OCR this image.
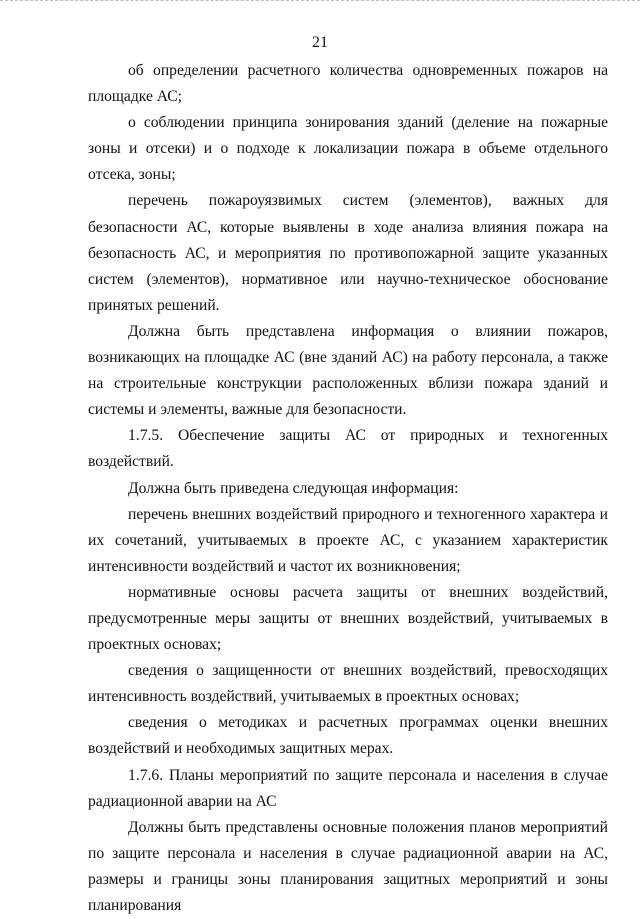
21

об определении расчетного количества одновременных пожаров на площадке АС;

о соблюдении принципа зонирования зданий (деление на пожарные зоны и отсеки) и о подходе к локализации пожара в объеме отдельного отсека, зоны;

перечень пожароуязвимых систем (элементов), важных для безопасности АС, которые выявлены в ходе анализа влияния пожара на безопасность АС, и мероприятия по противопожарной защите указанных систем (элементов), нормативное или научно-техническое обоснование принятых решений.

Должна быть представлена информация о влиянии пожаров, возникающих на площадке АС (вне зданий АС) на работу персонала, а также на строительные конструкции расположенных вблизи пожара зданий и системы и элементы, важные для безопасности.

1.7.5. Обеспечение защиты АС от природных и техногенных воздействий.

Должна быть приведена следующая информация:

перечень внешних воздействий природного и техногенного характера и их сочетаний, учитываемых в проекте АС, с указанием характеристик интенсивности воздействий и частот их возникновения;

нормативные основы расчета защиты от внешних воздействий, предусмотренные меры защиты от внешних воздействий, учитываемых в проектных основах;

сведения о защищенности от внешних воздействий, превосходящих интенсивность воздействий, учитываемых в проектных основах;

сведения о методиках и расчетных программах оценки внешних воздействий и необходимых защитных мерах.

1.7.6. Планы мероприятий по защите персонала и населения в случае радиационной аварии на АС

Должны быть представлены основные положения планов мероприятий по защите персонала и населения в случае радиационной аварии на АС, размеры и границы зоны планирования защитных мероприятий и зоны планирования
